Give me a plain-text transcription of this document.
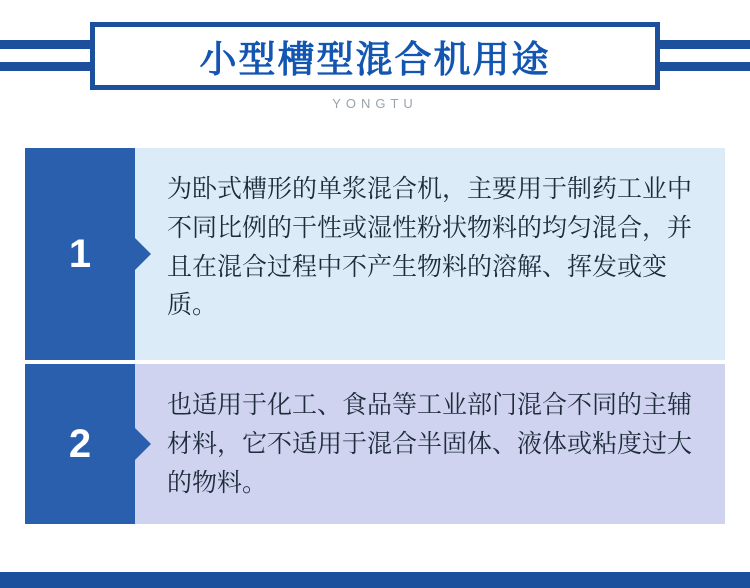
小型槽型混合机用途
YONGTU
1
为卧式槽形的单浆混合机，主要用于制药工业中不同比例的干性或湿性粉状物料的均匀混合，并且在混合过程中不产生物料的溶解、挥发或变质。
2
也适用于化工、食品等工业部门混合不同的主辅材料，它不适用于混合半固体、液体或粘度过大的物料。
